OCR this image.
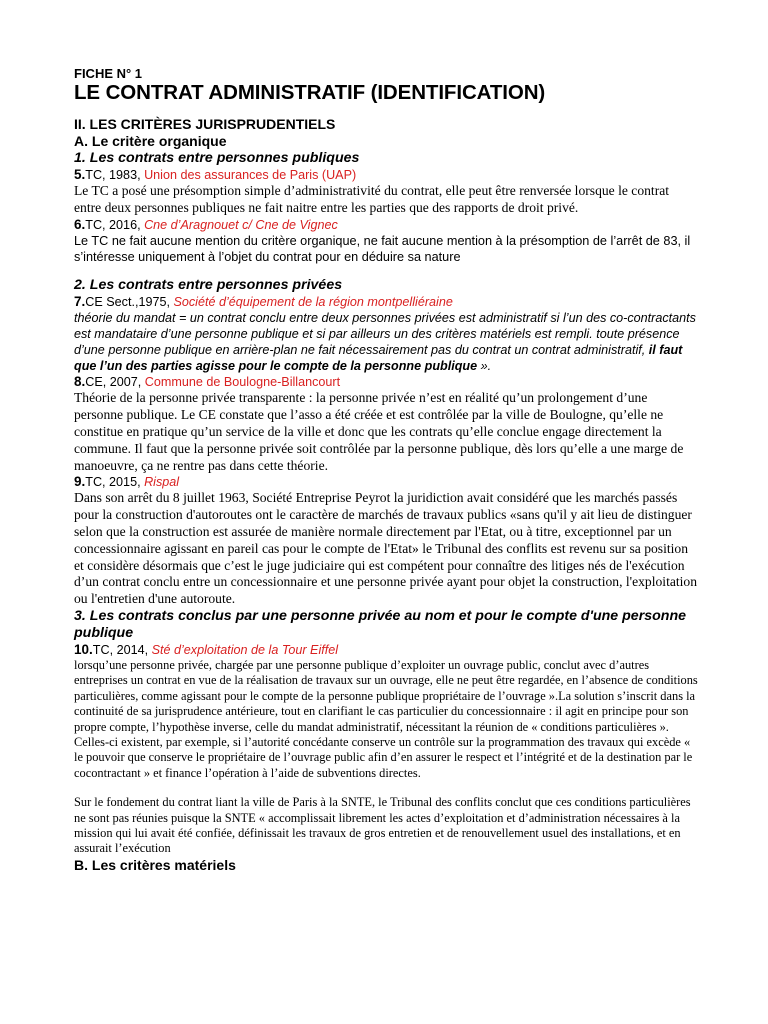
FICHE N° 1

LE CONTRAT ADMINISTRATIF (IDENTIFICATION)
II. LES CRITÈRES JURISPRUDENTIELS
A. Le critère organique
1. Les contrats entre personnes publiques

5.TC, 1983, Union des assurances de Paris (UAP)

Le TC a posé une présomption simple d’administrativité du contrat, elle peut être renversée lorsque le contrat entre deux personnes publiques ne fait naitre entre les parties que des rapports de droit privé.

6.TC, 2016, Cne d’Aragnouet c/ Cne de Vignec

Le TC ne fait aucune mention du critère organique, ne fait aucune mention à la présomption de l’arrêt de 83, il s’intéresse uniquement à l’objet du contrat pour en déduire sa nature

2. Les contrats entre personnes privées

7.CE Sect.,1975, Société d’équipement de la région montpelliéraine

théorie du mandat = un contrat conclu entre deux personnes privées est administratif si l’un des co-contractants est mandataire d’une personne publique et si par ailleurs un des critères matériels est rempli. toute présence d’une personne publique en arrière-plan ne fait nécessairement pas du contrat un contrat administratif, il faut que l’un des parties agisse pour le compte de la personne publique ».

8.CE, 2007, Commune de Boulogne-Billancourt

Théorie de la personne privée transparente : la personne privée n’est en réalité qu’un prolongement d’une personne publique. Le CE constate que l’asso a été créée et est contrôlée par la ville de Boulogne, qu’elle ne constitue en pratique qu’un service de la ville et donc que les contrats qu’elle conclue engage directement la commune. Il faut que la personne privée soit contrôlée par la personne publique, dès lors qu’elle a une marge de manoeuvre, ça ne rentre pas dans cette théorie.

9.TC, 2015, Rispal

Dans son arrêt du 8 juillet 1963, Société Entreprise Peyrot la juridiction avait considéré que les marchés passés pour la construction d'autoroutes ont le caractère de marchés de travaux publics «sans qu'il y ait lieu de distinguer selon que la construction est assurée de manière normale directement par l'Etat, ou à titre, exceptionnel par un concessionnaire agissant en pareil cas pour le compte de l'Etat» le Tribunal des conflits est revenu sur sa position et considère désormais que c’est le juge judiciaire qui est compétent pour connaître des litiges nés de l'exécution d’un contrat conclu entre un concessionnaire et une personne privée ayant pour objet la construction, l'exploitation ou l'entretien d'une autoroute.

3. Les contrats conclus par une personne privée au nom et pour le compte d'une personne publique

10.TC, 2014, Sté d’exploitation de la Tour Eiffel

lorsqu’une personne privée, chargée par une personne publique d’exploiter un ouvrage public, conclut avec d’autres entreprises un contrat en vue de la réalisation de travaux sur un ouvrage, elle ne peut être regardée, en l’absence de conditions particulières, comme agissant pour le compte de la personne publique propriétaire de l’ouvrage ».La solution s’inscrit dans la continuité de sa jurisprudence antérieure, tout en clarifiant le cas particulier du concessionnaire : il agit en principe pour son propre compte, l’hypothèse inverse, celle du mandat administratif, nécessitant la réunion de « conditions particulières ». Celles-ci existent, par exemple, si l’autorité concédante conserve un contrôle sur la programmation des travaux qui excède « le pouvoir que conserve le propriétaire de l’ouvrage public afin d’en assurer le respect et l’intégrité et de la destination par le cocontractant » et finance l’opération à l’aide de subventions directes.

Sur le fondement du contrat liant la ville de Paris à la SNTE, le Tribunal des conflits conclut que ces conditions particulières ne sont pas réunies puisque la SNTE « accomplissait librement les actes d’exploitation et d’administration nécessaires à la mission qui lui avait été confiée, définissait les travaux de gros entretien et de renouvellement usuel des installations, et en assurait l’exécution

B. Les critères matériels
